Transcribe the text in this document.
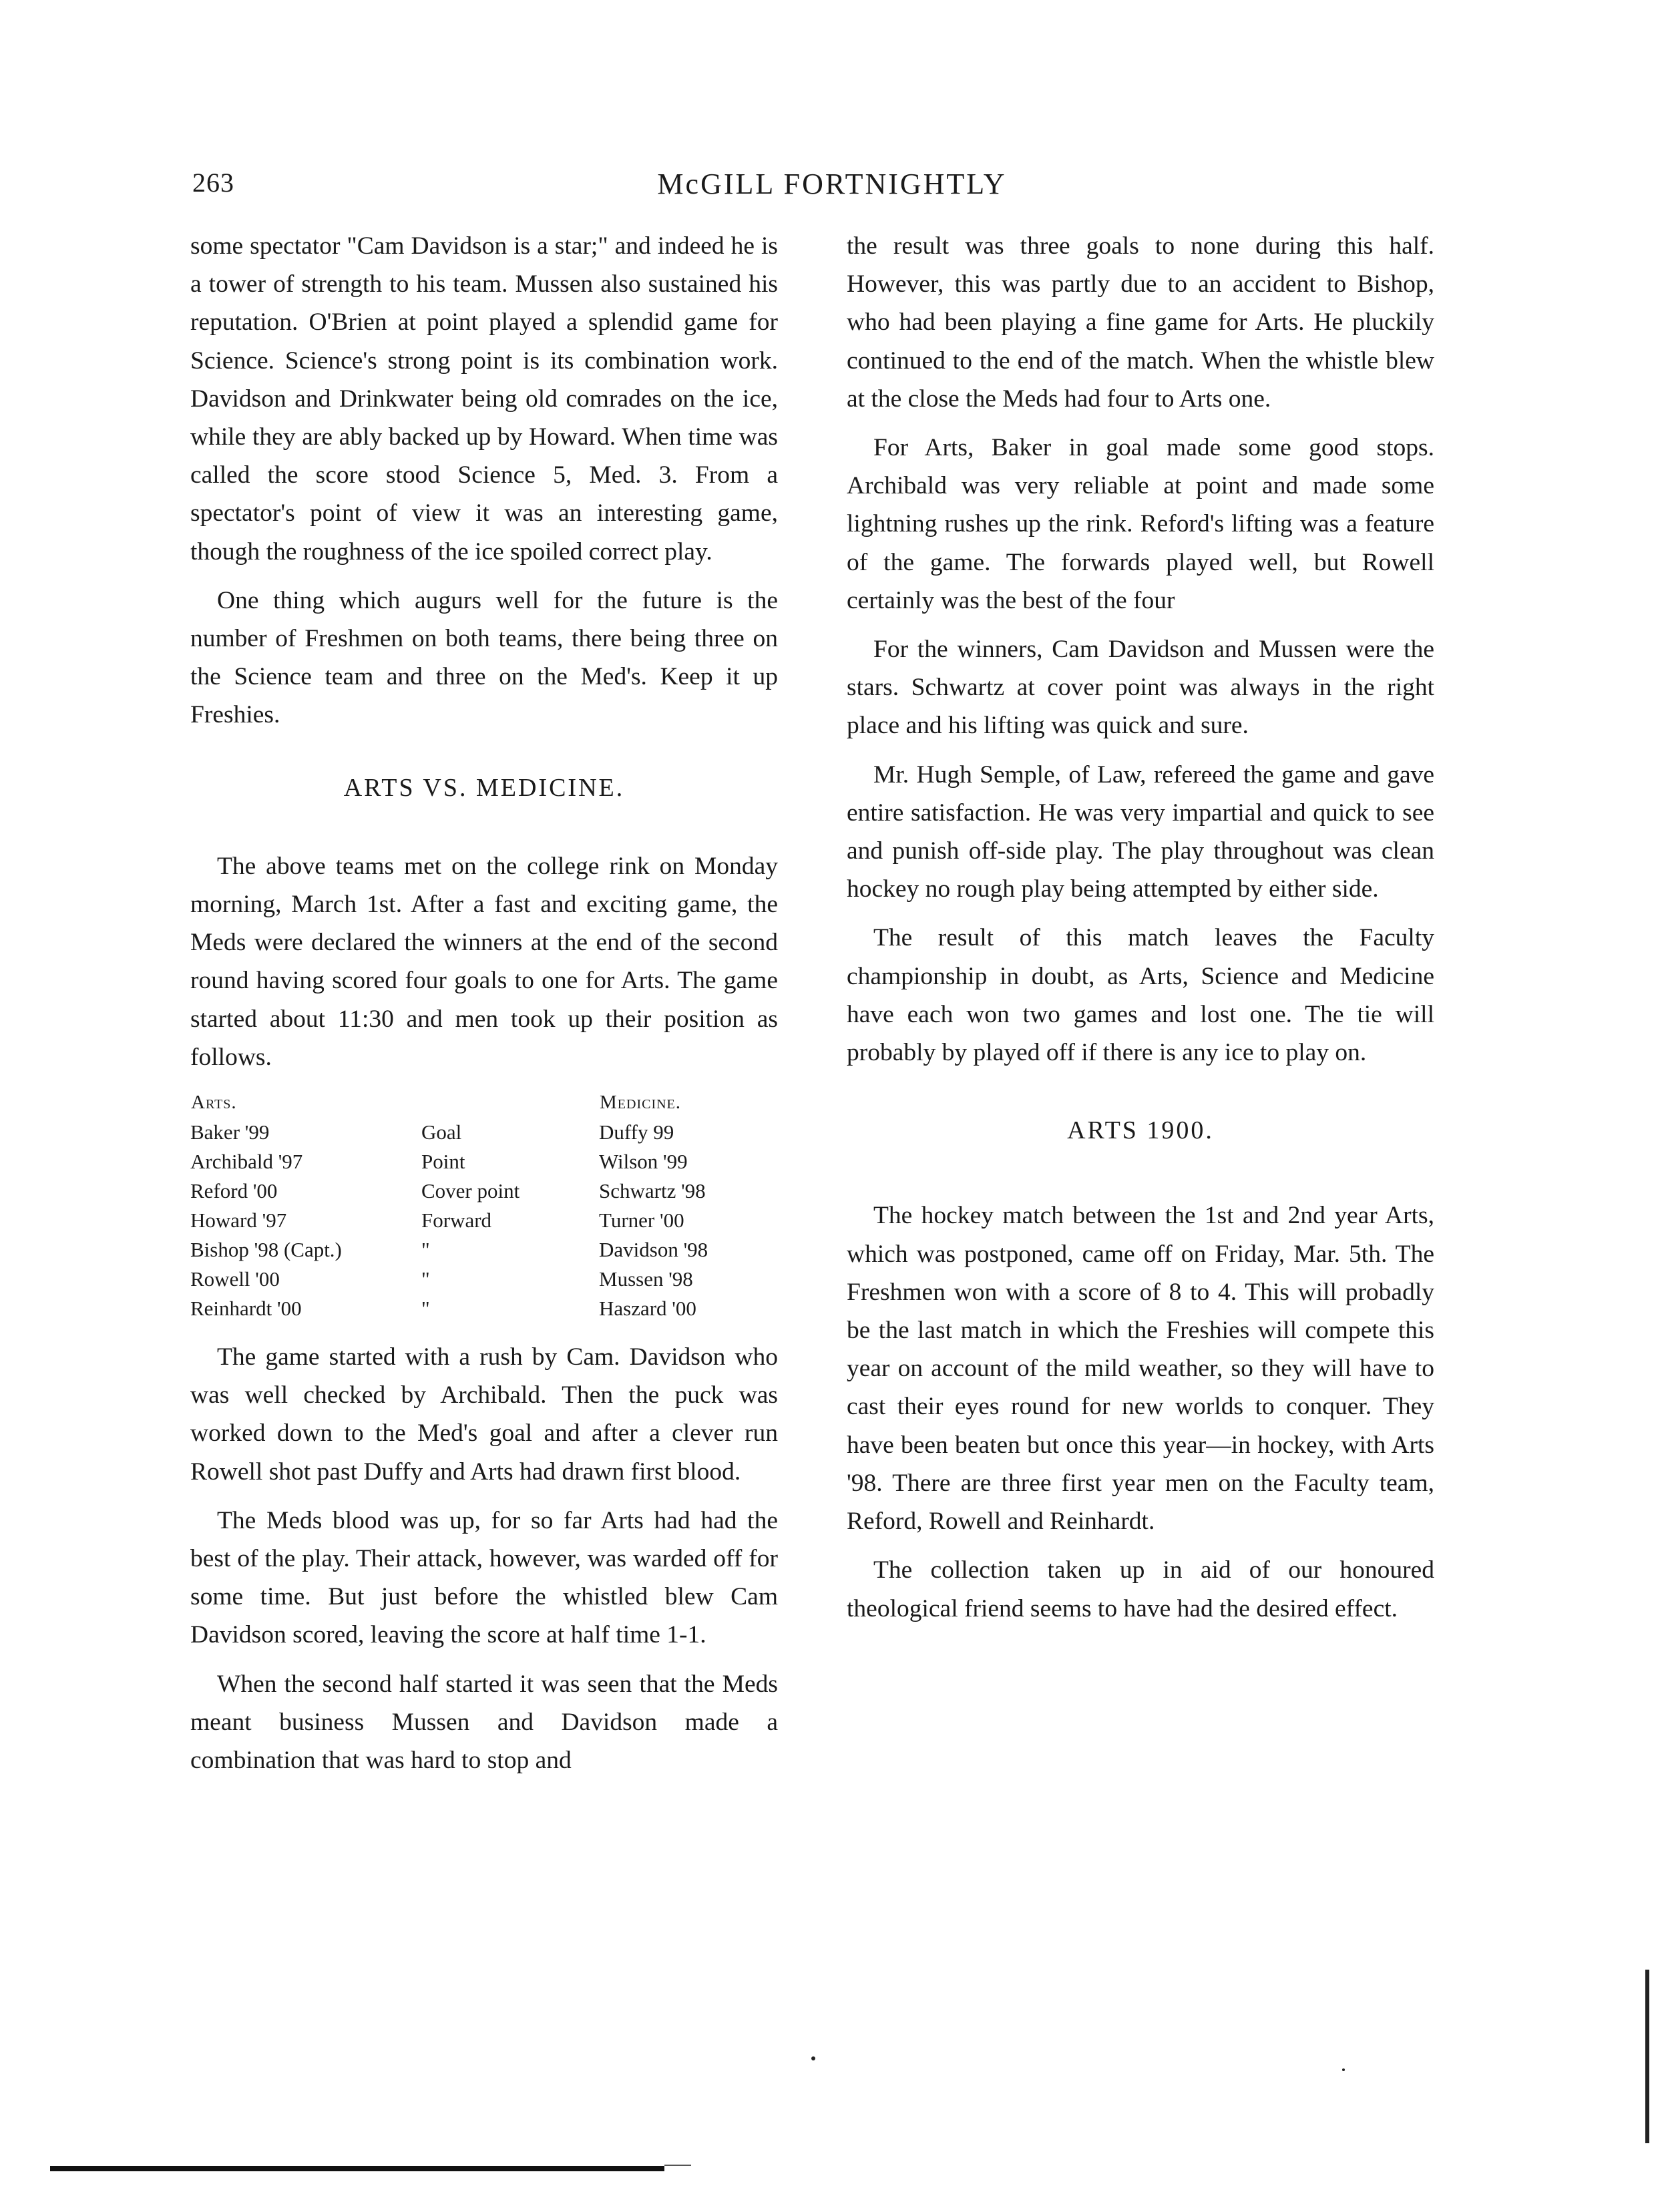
263	McGILL FORTNIGHTLY

some spectator "Cam Davidson is a star;" and indeed he is a tower of strength to his team. Mussen also sustained his reputation. O'Brien at point played a splendid game for Science. Science's strong point is its combination work. Davidson and Drinkwater being old comrades on the ice, while they are ably backed up by Howard. When time was called the score stood Science 5, Med. 3. From a spectator's point of view it was an interesting game, though the roughness of the ice spoiled correct play.

One thing which augurs well for the future is the number of Freshmen on both teams, there being three on the Science team and three on the Med's. Keep it up Freshies.

ARTS VS. MEDICINE.

The above teams met on the college rink on Monday morning, March 1st. After a fast and exciting game, the Meds were declared the winners at the end of the second round having scored four goals to one for Arts. The game started about 11:30 and men took up their position as follows.

Arts.		Medicine.
Baker '99	Goal	Duffy 99
Archibald '97	Point	Wilson '99
Reford '00	Cover point	Schwartz '98
Howard '97	Forward	Turner '00
Bishop '98 (Capt.)	"	Davidson '98
Rowell '00	"	Mussen '98
Reinhardt '00	"	Haszard '00

The game started with a rush by Cam. Davidson who was well checked by Archibald. Then the puck was worked down to the Med's goal and after a clever run Rowell shot past Duffy and Arts had drawn first blood.

The Meds blood was up, for so far Arts had had the best of the play. Their attack, however, was warded off for some time. But just before the whistled blew Cam Davidson scored, leaving the score at half time 1-1.

When the second half started it was seen that the Meds meant business Mussen and Davidson made a combination that was hard to stop and

the result was three goals to none during this half. However, this was partly due to an accident to Bishop, who had been playing a fine game for Arts. He pluckily continued to the end of the match. When the whistle blew at the close the Meds had four to Arts one.

For Arts, Baker in goal made some good stops. Archibald was very reliable at point and made some lightning rushes up the rink. Reford's lifting was a feature of the game. The forwards played well, but Rowell certainly was the best of the four

For the winners, Cam Davidson and Mussen were the stars. Schwartz at cover point was always in the right place and his lifting was quick and sure.

Mr. Hugh Semple, of Law, refereed the game and gave entire satisfaction. He was very impartial and quick to see and punish off-side play. The play throughout was clean hockey no rough play being attempted by either side.

The result of this match leaves the Faculty championship in doubt, as Arts, Science and Medicine have each won two games and lost one. The tie will probably by played off if there is any ice to play on.

ARTS 1900.

The hockey match between the 1st and 2nd year Arts, which was postponed, came off on Friday, Mar. 5th. The Freshmen won with a score of 8 to 4. This will probadly be the last match in which the Freshies will compete this year on account of the mild weather, so they will have to cast their eyes round for new worlds to conquer. They have been beaten but once this year—in hockey, with Arts '98. There are three first year men on the Faculty team, Reford, Rowell and Reinhardt.

The collection taken up in aid of our honoured theological friend seems to have had the desired effect.
